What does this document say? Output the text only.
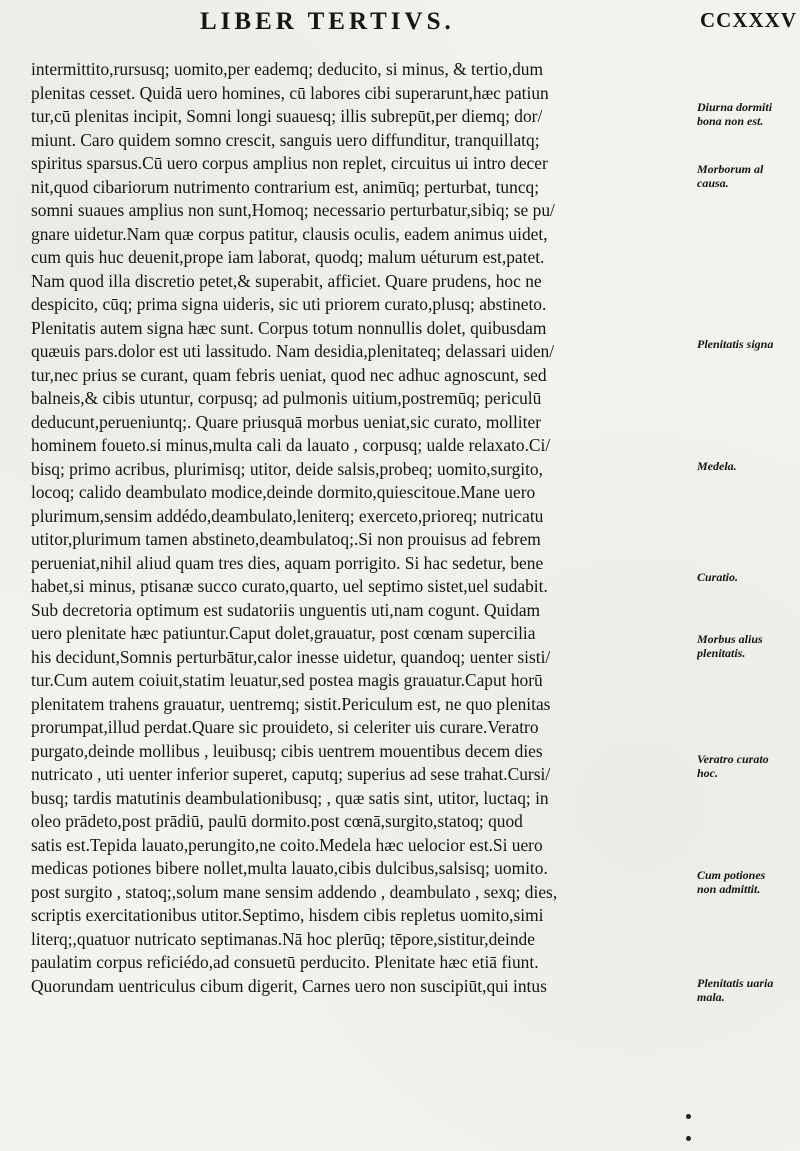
LIBER TERTIVS.	CCXXXV
intermittito,rursusq; uomito,per eademq; deducito, si minus, & tertio,dum
plenitas cesset. Quidā uero homines, cū labores cibi superarunt,hæc patiun
tur,cū plenitas incipit, Somni longi suauesq; illis subrepūt,per diemq; dor/
miunt. Caro quidem somno crescit, sanguis uero diffunditur, tranquillatq;
spiritus sparsus.Cū uero corpus amplius non replet, circuitus ui intro decer
nit,quod cibariorum nutrimento contrarium est, animūq; perturbat, tuncq;
somni suaues amplius non sunt,Homoq; necessario perturbatur,sibiq; se pu/
gnare uidetur.Nam quæ corpus patitur, clausis oculis, eadem animus uidet,
cum quis huc deuenit,prope iam laborat, quodq; malum uéturum est,patet.
Nam quod illa discretio petet,& superabit, afficiet. Quare prudens, hoc ne
despicito, cūq; prima signa uideris, sic uti priorem curato,plusq; abstineto.
Plenitatis autem signa hæc sunt. Corpus totum nonnullis dolet, quibusdam
quæuis pars.dolor est uti lassitudo. Nam desidia,plenitateq; delassari uiden/
tur,nec prius se curant, quam febris ueniat, quod nec adhuc agnoscunt, sed
balneis,& cibis utuntur, corpusq; ad pulmonis uitium,postremūq; periculū
deducunt,perueniuntq;. Quare priusquā morbus ueniat,sic curato, molliter
hominem foueto.si minus,multa cali da lauato , corpusq; ualde relaxato.Ci/
bisq; primo acribus, plurimisq; utitor, deide salsis,probeq; uomito,surgito,
locoq; calido deambulato modice,deinde dormito,quiescitoue.Mane uero
plurimum,sensim addédo,deambulato,leniterq; exerceto,prioreq; nutricatu
utitor,plurimum tamen abstineto,deambulatoq;.Si non prouisus ad febrem
perueniat,nihil aliud quam tres dies, aquam porrigito. Si hac sedetur, bene
habet,si minus, ptisanæ succo curato,quarto, uel septimo sistet,uel sudabit.
Sub decretoria optimum est sudatoriis unguentis uti,nam cogunt. Quidam
uero plenitate hæc patiuntur.Caput dolet,grauatur, post cœnam supercilia
his decidunt,Somnis perturbātur,calor inesse uidetur, quandoq; uenter sisti/
tur.Cum autem coiuit,statim leuatur,sed postea magis grauatur.Caput horū
plenitatem trahens grauatur, uentremq; sistit.Periculum est, ne quo plenitas
prorumpat,illud perdat.Quare sic prouideto, si celeriter uis curare.Veratro
purgato,deinde mollibus , leuibusq; cibis uentrem mouentibus decem dies
nutricato , uti uenter inferior superet, caputq; superius ad sese trahat.Cursi/
busq; tardis matutinis deambulationibusq; , quæ satis sint, utitor, luctaq; in
oleo prādeto,post prādiū, paulū dormito.post cœnā,surgito,statoq; quod
satis est.Tepida lauato,perungito,ne coito.Medela hæc uelocior est.Si uero
medicas potiones bibere nollet,multa lauato,cibis dulcibus,salsisq; uomito.
post surgito , statoq;,solum mane sensim addendo , deambulato , sexq; dies,
scriptis exercitationibus utitor.Septimo, hisdem cibis repletus uomito,simi
literq;,quatuor nutricato septimanas.Nā hoc plerūq; tēpore,sistitur,deinde
paulatim corpus reficiédo,ad consuetū perducito. Plenitate hæc etiā fiunt.
Quorundam uentriculus cibum digerit, Carnes uero non suscipiūt,qui intus
Diurna dormiti
bona non est.
Morborum al
causa.
Plenitatis signa
Medela.
Curatio.
Morbus alius
plenitatis.
Veratro curato
hoc.
Cum potiones
non admittit.
Plenitatis uaria
mala.
